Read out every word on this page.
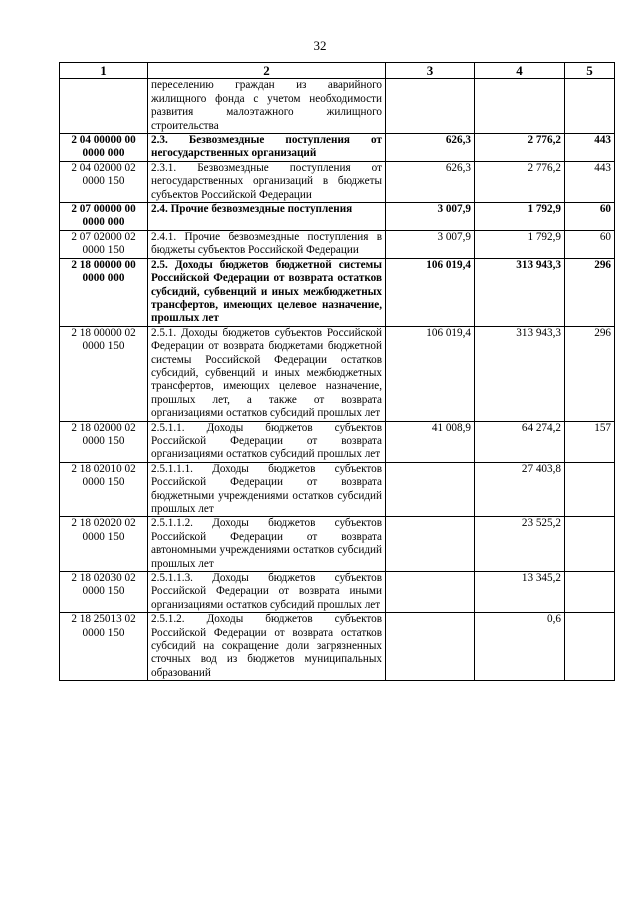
32
1	2	3	4	5
	переселению граждан из аварийного жилищного фонда с учетом необходимости развития малоэтажного жилищного строительства			
2 04 00000 00 0000 000	2.3. Безвозмездные поступления от негосударственных организаций	626,3	2 776,2	443
2 04 02000 02 0000 150	2.3.1. Безвозмездные поступления от негосударственных организаций в бюджеты субъектов Российской Федерации	626,3	2 776,2	443
2 07 00000 00 0000 000	2.4. Прочие безвозмездные поступления	3 007,9	1 792,9	60
2 07 02000 02 0000 150	2.4.1. Прочие безвозмездные поступления в бюджеты субъектов Российской Федерации	3 007,9	1 792,9	60
2 18 00000 00 0000 000	2.5. Доходы бюджетов бюджетной системы Российской Федерации от возврата остатков субсидий, субвенций и иных межбюджетных трансфертов, имеющих целевое назначение, прошлых лет	106 019,4	313 943,3	296
2 18 00000 02 0000 150	2.5.1. Доходы бюджетов субъектов Российской Федерации от возврата бюджетами бюджетной системы Российской Федерации остатков субсидий, субвенций и иных межбюджетных трансфертов, имеющих целевое назначение, прошлых лет, а также от возврата организациями остатков субсидий прошлых лет	106 019,4	313 943,3	296
2 18 02000 02 0000 150	2.5.1.1. Доходы бюджетов субъектов Российской Федерации от возврата организациями остатков субсидий прошлых лет	41 008,9	64 274,2	157
2 18 02010 02 0000 150	2.5.1.1.1. Доходы бюджетов субъектов Российской Федерации от возврата бюджетными учреждениями остатков субсидий прошлых лет		27 403,8	
2 18 02020 02 0000 150	2.5.1.1.2. Доходы бюджетов субъектов Российской Федерации от возврата автономными учреждениями остатков субсидий прошлых лет		23 525,2	
2 18 02030 02 0000 150	2.5.1.1.3. Доходы бюджетов субъектов Российской Федерации от возврата иными организациями остатков субсидий прошлых лет		13 345,2	
2 18 25013 02 0000 150	2.5.1.2. Доходы бюджетов субъектов Российской Федерации от возврата остатков субсидий на сокращение доли загрязненных сточных вод из бюджетов муниципальных образований		0,6	
